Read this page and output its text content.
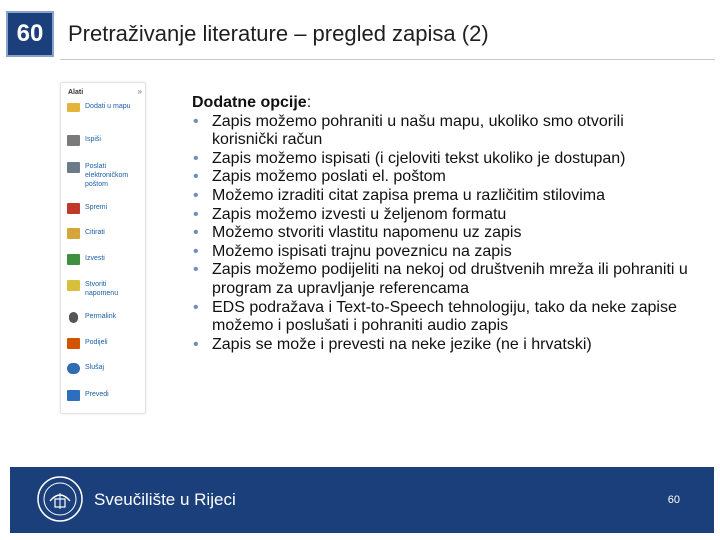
60	Pretraživanje literature – pregled zapisa (2)
Alati	»
Dodati u mapu
Ispiši
Poslati elektroničkom poštom
Spremi
Citirati
Izvesti
Stvoriti napomenu
Permalink
Podijeli
Slušaj
Prevedi
Dodatne opcije:
• Zapis možemo pohraniti u našu mapu, ukoliko smo otvorili korisnički račun
• Zapis možemo ispisati (i cjeloviti tekst ukoliko je dostupan)
• Zapis možemo poslati el. poštom
• Možemo izraditi citat zapisa prema u različitim stilovima
• Zapis možemo izvesti u željenom formatu
• Možemo stvoriti vlastitu napomenu uz zapis
• Možemo ispisati trajnu poveznicu na zapis
• Zapis možemo podijeliti na nekoj od društvenih mreža ili pohraniti u program za upravljanje referencama
• EDS podražava i Text-to-Speech tehnologiju, tako da neke zapise možemo i poslušati i pohraniti audio zapis
• Zapis se može i prevesti na neke jezike (ne i hrvatski)
Sveučilište u Rijeci	60
